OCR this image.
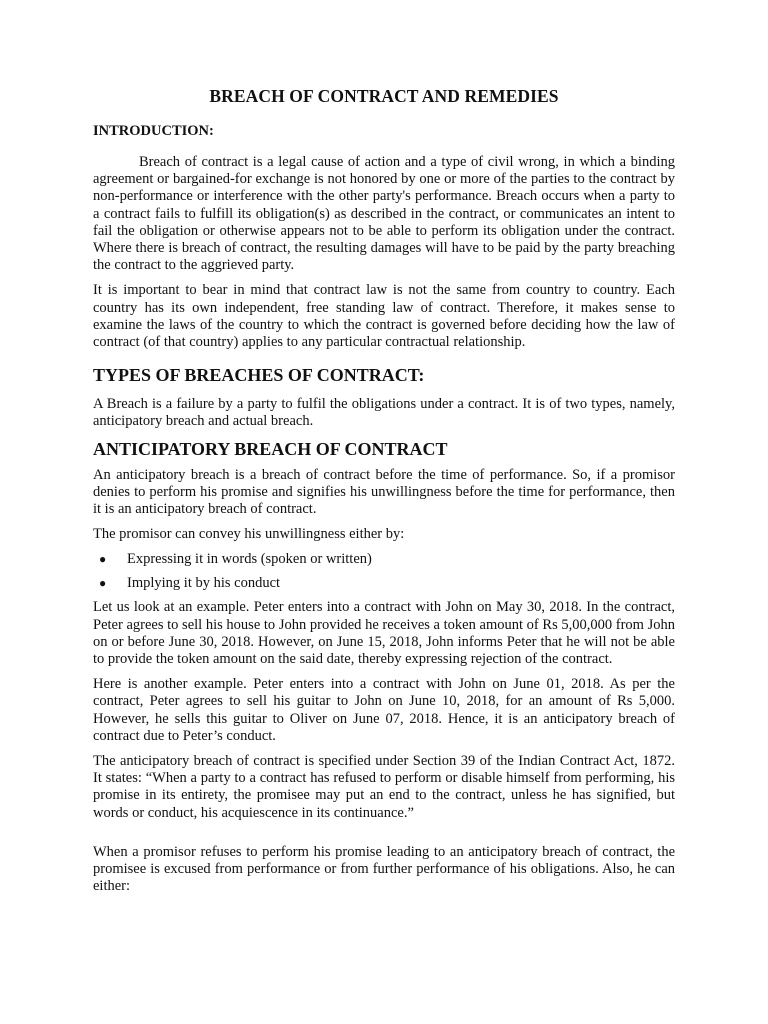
BREACH OF CONTRACT AND REMEDIES
INTRODUCTION:

Breach of contract is a legal cause of action and a type of civil wrong, in which a binding agreement or bargained-for exchange is not honored by one or more of the parties to the contract by non-performance or interference with the other party's performance. Breach occurs when a party to a contract fails to fulfill its obligation(s) as described in the contract, or communicates an intent to fail the obligation or otherwise appears not to be able to perform its obligation under the contract. Where there is breach of contract, the resulting damages will have to be paid by the party breaching the contract to the aggrieved party.

It is important to bear in mind that contract law is not the same from country to country. Each country has its own independent, free standing law of contract. Therefore, it makes sense to examine the laws of the country to which the contract is governed before deciding how the law of contract (of that country) applies to any particular contractual relationship.

TYPES OF BREACHES OF CONTRACT:

A Breach is a failure by a party to fulfil the obligations under a contract. It is of two types, namely, anticipatory breach and actual breach.

ANTICIPATORY BREACH OF CONTRACT

An anticipatory breach is a breach of contract before the time of performance. So, if a promisor denies to perform his promise and signifies his unwillingness before the time for performance, then it is an anticipatory breach of contract.

The promisor can convey his unwillingness either by:

●	Expressing it in words (spoken or written)
●	Implying it by his conduct

Let us look at an example. Peter enters into a contract with John on May 30, 2018. In the contract, Peter agrees to sell his house to John provided he receives a token amount of Rs 5,00,000 from John on or before June 30, 2018. However, on June 15, 2018, John informs Peter that he will not be able to provide the token amount on the said date, thereby expressing rejection of the contract.

Here is another example. Peter enters into a contract with John on June 01, 2018. As per the contract, Peter agrees to sell his guitar to John on June 10, 2018, for an amount of Rs 5,000. However, he sells this guitar to Oliver on June 07, 2018. Hence, it is an anticipatory breach of contract due to Peter’s conduct.

The anticipatory breach of contract is specified under Section 39 of the Indian Contract Act, 1872. It states: “When a party to a contract has refused to perform or disable himself from performing, his promise in its entirety, the promisee may put an end to the contract, unless he has signified, but words or conduct, his acquiescence in its continuance.”

When a promisor refuses to perform his promise leading to an anticipatory breach of contract, the promisee is excused from performance or from further performance of his obligations. Also, he can either:
